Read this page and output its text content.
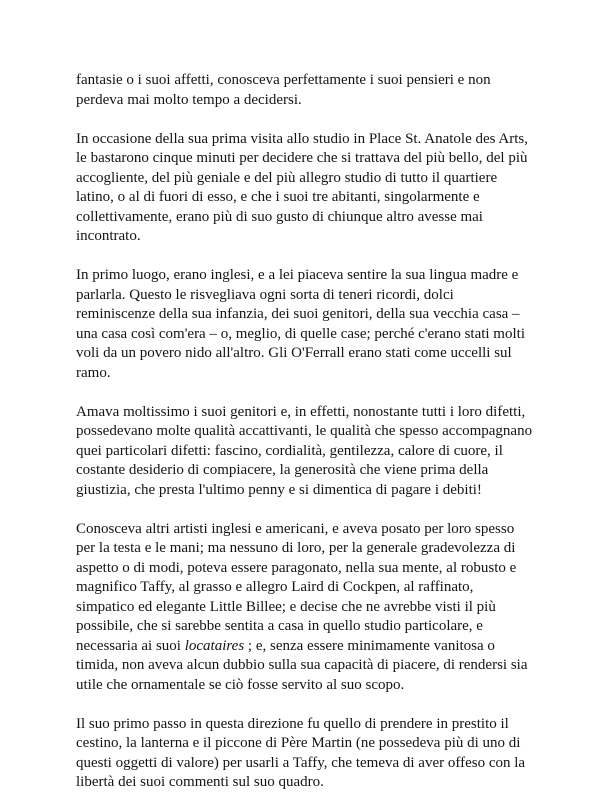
fantasie o i suoi affetti, conosceva perfettamente i suoi pensieri e non
perdeva mai molto tempo a decidersi.

In occasione della sua prima visita allo studio in Place St. Anatole des Arts,
le bastarono cinque minuti per decidere che si trattava del più bello, del più
accogliente, del più geniale e del più allegro studio di tutto il quartiere
latino, o al di fuori di esso, e che i suoi tre abitanti, singolarmente e
collettivamente, erano più di suo gusto di chiunque altro avesse mai
incontrato.

In primo luogo, erano inglesi, e a lei piaceva sentire la sua lingua madre e
parlarla. Questo le risvegliava ogni sorta di teneri ricordi, dolci
reminiscenze della sua infanzia, dei suoi genitori, della sua vecchia casa –
una casa così com'era – o, meglio, di quelle case; perché c'erano stati molti
voli da un povero nido all'altro. Gli O'Ferrall erano stati come uccelli sul
ramo.

Amava moltissimo i suoi genitori e, in effetti, nonostante tutti i loro difetti,
possedevano molte qualità accattivanti, le qualità che spesso accompagnano
quei particolari difetti: fascino, cordialità, gentilezza, calore di cuore, il
costante desiderio di compiacere, la generosità che viene prima della
giustizia, che presta l'ultimo penny e si dimentica di pagare i debiti!

Conosceva altri artisti inglesi e americani, e aveva posato per loro spesso
per la testa e le mani; ma nessuno di loro, per la generale gradevolezza di
aspetto o di modi, poteva essere paragonato, nella sua mente, al robusto e
magnifico Taffy, al grasso e allegro Laird di Cockpen, al raffinato,
simpatico ed elegante Little Billee; e decise che ne avrebbe visti il più
possibile, che si sarebbe sentita a casa in quello studio particolare, e
necessaria ai suoi locataires ; e, senza essere minimamente vanitosa o
timida, non aveva alcun dubbio sulla sua capacità di piacere, di rendersi sia
utile che ornamentale se ciò fosse servito al suo scopo.

Il suo primo passo in questa direzione fu quello di prendere in prestito il
cestino, la lanterna e il piccone di Père Martin (ne possedeva più di uno di
questi oggetti di valore) per usarli a Taffy, che temeva di aver offeso con la
libertà dei suoi commenti sul suo quadro.
